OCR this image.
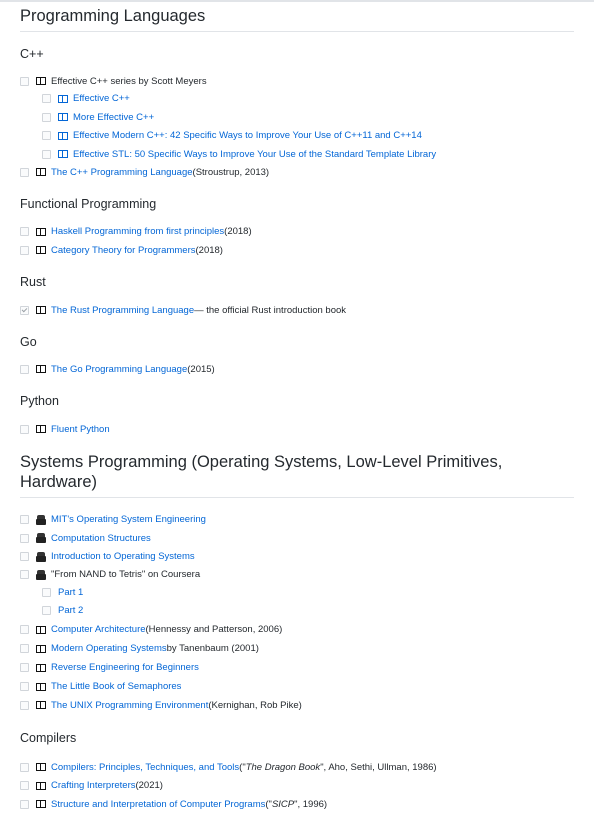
Programming Languages
C++
Effective C++ series by Scott Meyers
Effective C++
More Effective C++
Effective Modern C++: 42 Specific Ways to Improve Your Use of C++11 and C++14
Effective STL: 50 Specific Ways to Improve Your Use of the Standard Template Library
The C++ Programming Language (Stroustrup, 2013)
Functional Programming
Haskell Programming from first principles (2018)
Category Theory for Programmers (2018)
Rust
The Rust Programming Language — the official Rust introduction book
Go
The Go Programming Language (2015)
Python
Fluent Python
Systems Programming (Operating Systems, Low-Level Primitives, Hardware)
MIT's Operating System Engineering
Computation Structures
Introduction to Operating Systems
"From NAND to Tetris" on Coursera
Part 1
Part 2
Computer Architecture (Hennessy and Patterson, 2006)
Modern Operating Systems by Tanenbaum (2001)
Reverse Engineering for Beginners
The Little Book of Semaphores
The UNIX Programming Environment (Kernighan, Rob Pike)
Compilers
Compilers: Principles, Techniques, and Tools (" The Dragon Book ", Aho, Sethi, Ullman, 1986)
Crafting Interpreters (2021)
Structure and Interpretation of Computer Programs (" SICP ", 1996)
